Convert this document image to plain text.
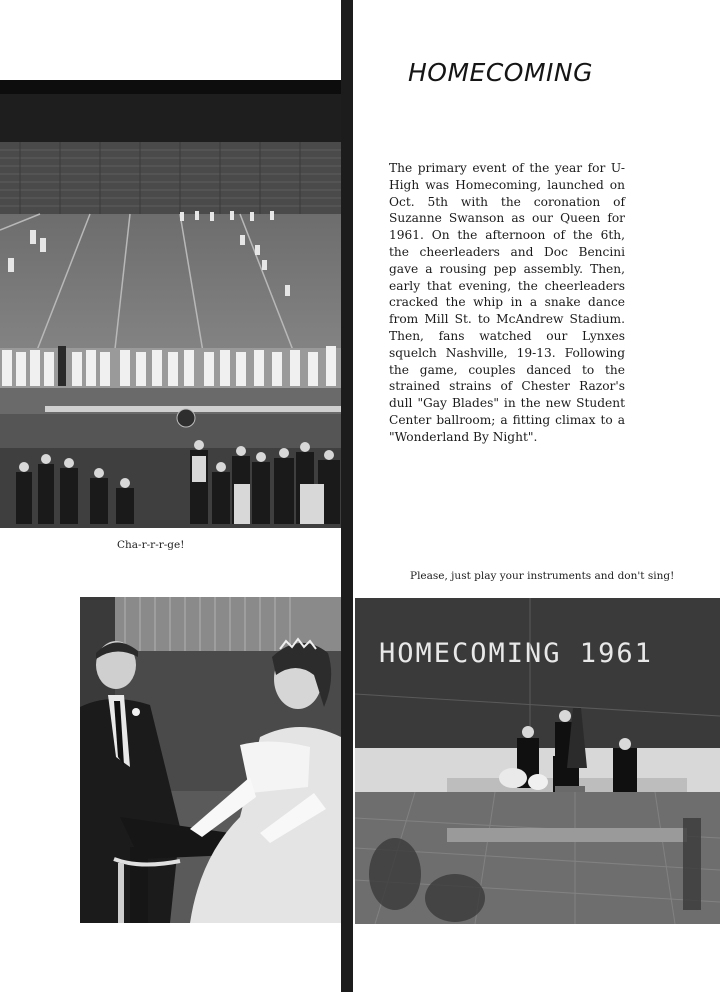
Cha-r-r-r-ge!
HOMECOMING 1961
Please, just play your instruments and don't sing!
HOMECOMING

The primary event of the year for U-High was Homecoming, launched on Oct. 5th with the coronation of Suzanne Swanson as our Queen for 1961. On the afternoon of the 6th, the cheerleaders and Doc Bencini gave a rousing pep assembly. Then, early that evening, the cheerleaders cracked the whip in a snake dance from Mill St. to McAndrew Stadium. Then, fans watched our Lynxes squelch Nashville, 19-13. Following the game, couples danced to the strained strains of Chester Razor's dull "Gay Blades" in the new Student Center ballroom; a fitting climax to a "Wonderland By Night".
